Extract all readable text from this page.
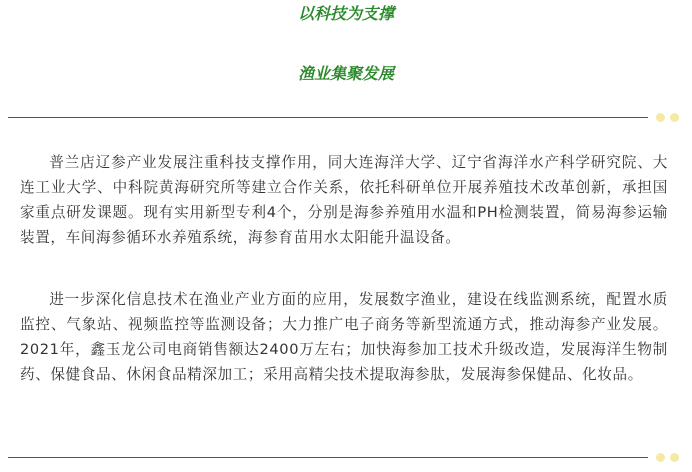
以科技为支撑
渔业集聚发展

普兰店辽参产业发展注重科技支撑作用，同大连海洋大学、辽宁省海洋水产科学研究院、大连工业大学、中科院黄海研究所等建立合作关系，依托科研单位开展养殖技术改革创新，承担国家重点研发课题。现有实用新型专利4个，分别是海参养殖用水温和PH检测装置，简易海参运输装置，车间海参循环水养殖系统，海参育苗用水太阳能升温设备。

进一步深化信息技术在渔业产业方面的应用，发展数字渔业，建设在线监测系统，配置水质监控、气象站、视频监控等监测设备；大力推广电子商务等新型流通方式，推动海参产业发展。2021年，鑫玉龙公司电商销售额达2400万左右；加快海参加工技术升级改造，发展海洋生物制药、保健食品、休闲食品精深加工；采用高精尖技术提取海参肽，发展海参保健品、化妆品。
